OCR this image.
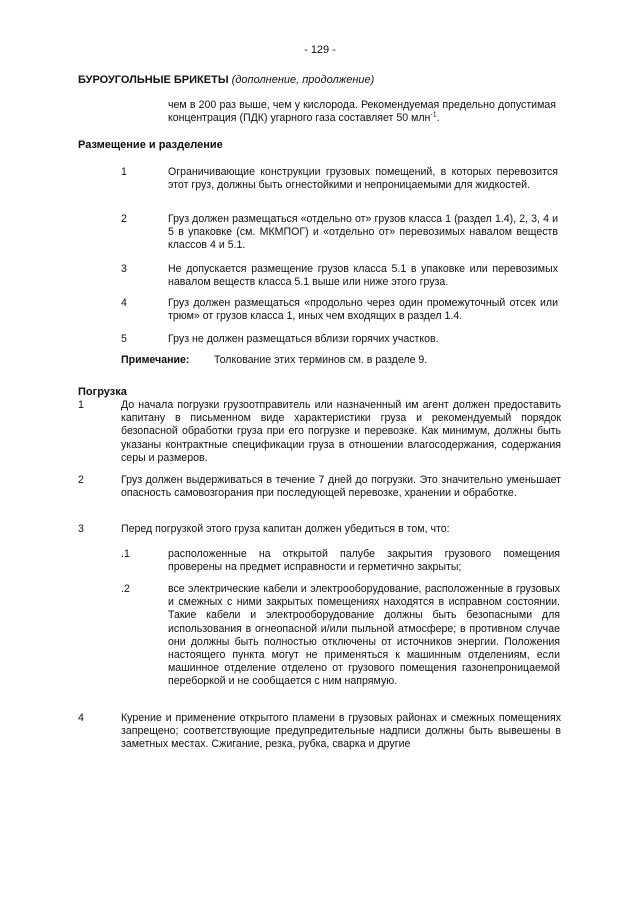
- 129 -
БУРОУГОЛЬНЫЕ БРИКЕТЫ (дополнение, продолжение)
чем в 200 раз выше, чем у кислорода. Рекомендуемая предельно допустимая концентрация (ПДК) угарного газа составляет 50 млн$^{-1}$.
Размещение и разделение
1	Ограничивающие конструкции грузовых помещений, в которых перевозится этот груз, должны быть огнестойкими и непроницаемыми для жидкостей.
2	Груз должен размещаться «отдельно от» грузов класса 1 (раздел 1.4), 2, 3, 4 и 5 в упаковке (см. МКМПОГ) и «отдельно от» перевозимых навалом веществ классов 4 и 5.1.
3	Не допускается размещение грузов класса 5.1 в упаковке или перевозимых навалом веществ класса 5.1 выше или ниже этого груза.
4	Груз должен размещаться «продольно через один промежуточный отсек или трюм» от грузов класса 1, иных чем входящих в раздел 1.4.
5	Груз не должен размещаться вблизи горячих участков.
Примечание: Толкование этих терминов см. в разделе 9.
Погрузка
1	До начала погрузки грузоотправитель или назначенный им агент должен предоставить капитану в письменном виде характеристики груза и рекомендуемый порядок безопасной обработки груза при его погрузке и перевозке. Как минимум, должны быть указаны контрактные спецификации груза в отношении влагосодержания, содержания серы и размеров.
2	Груз должен выдерживаться в течение 7 дней до погрузки. Это значительно уменьшает опасность самовозгорания при последующей перевозке, хранении и обработке.
3	Перед погрузкой этого груза капитан должен убедиться в том, что:
.1	расположенные на открытой палубе закрытия грузового помещения проверены на предмет исправности и герметично закрыты;
.2	все электрические кабели и электрооборудование, расположенные в грузовых и смежных с ними закрытых помещениях находятся в исправном состоянии. Такие кабели и электрооборудование должны быть безопасными для использования в огнеопасной и/или пыльной атмосфере; в противном случае они должны быть полностью отключены от источников энергии. Положения настоящего пункта могут не применяться к машинным отделениям, если машинное отделение отделено от грузового помещения газонепроницаемой переборкой и не сообщается с ним напрямую.
4	Курение и применение открытого пламени в грузовых районах и смежных помещениях запрещено; соответствующие предупредительные надписи должны быть вывешены в заметных местах. Сжигание, резка, рубка, сварка и другие
